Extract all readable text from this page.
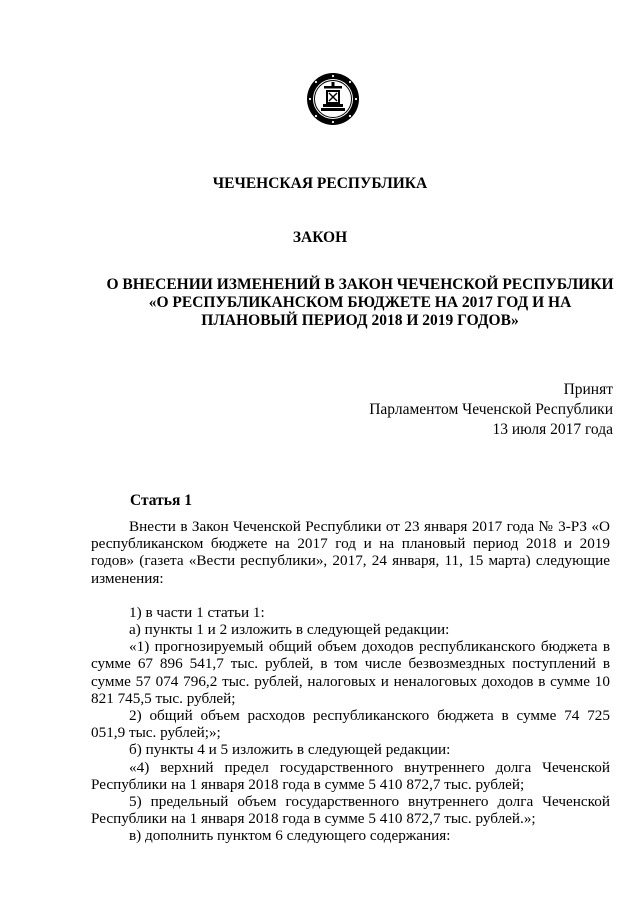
ЧЕЧЕНСКАЯ РЕСПУБЛИКА
ЗАКОН
О ВНЕСЕНИИ ИЗМЕНЕНИЙ В ЗАКОН ЧЕЧЕНСКОЙ РЕСПУБЛИКИ
«О РЕСПУБЛИКАНСКОМ БЮДЖЕТЕ НА 2017 ГОД И НА
ПЛАНОВЫЙ ПЕРИОД 2018 И 2019 ГОДОВ»
Принят
Парламентом Чеченской Республики
13 июля 2017 года
Статья 1

Внести в Закон Чеченской Республики от 23 января 2017 года № 3-РЗ «О республиканском бюджете на 2017 год и на плановый период 2018 и 2019 годов» (газета «Вести республики», 2017, 24 января, 11, 15 марта) следующие изменения:

1) в части 1 статьи 1:

а) пункты 1 и 2 изложить в следующей редакции:

«1) прогнозируемый общий объем доходов республиканского бюджета в сумме 67 896 541,7 тыс. рублей, в том числе безвозмездных поступлений в сумме 57 074 796,2 тыс. рублей, налоговых и неналоговых доходов в сумме 10 821 745,5 тыс. рублей;

2) общий объем расходов республиканского бюджета в сумме 74 725 051,9 тыс. рублей;»;

б) пункты 4 и 5 изложить в следующей редакции:

«4) верхний предел государственного внутреннего долга Чеченской Республики на 1 января 2018 года в сумме 5 410 872,7 тыс. рублей;

5) предельный объем государственного внутреннего долга Чеченской Республики на 1 января 2018 года в сумме 5 410 872,7 тыс. рублей.»;

в) дополнить пунктом 6 следующего содержания:
